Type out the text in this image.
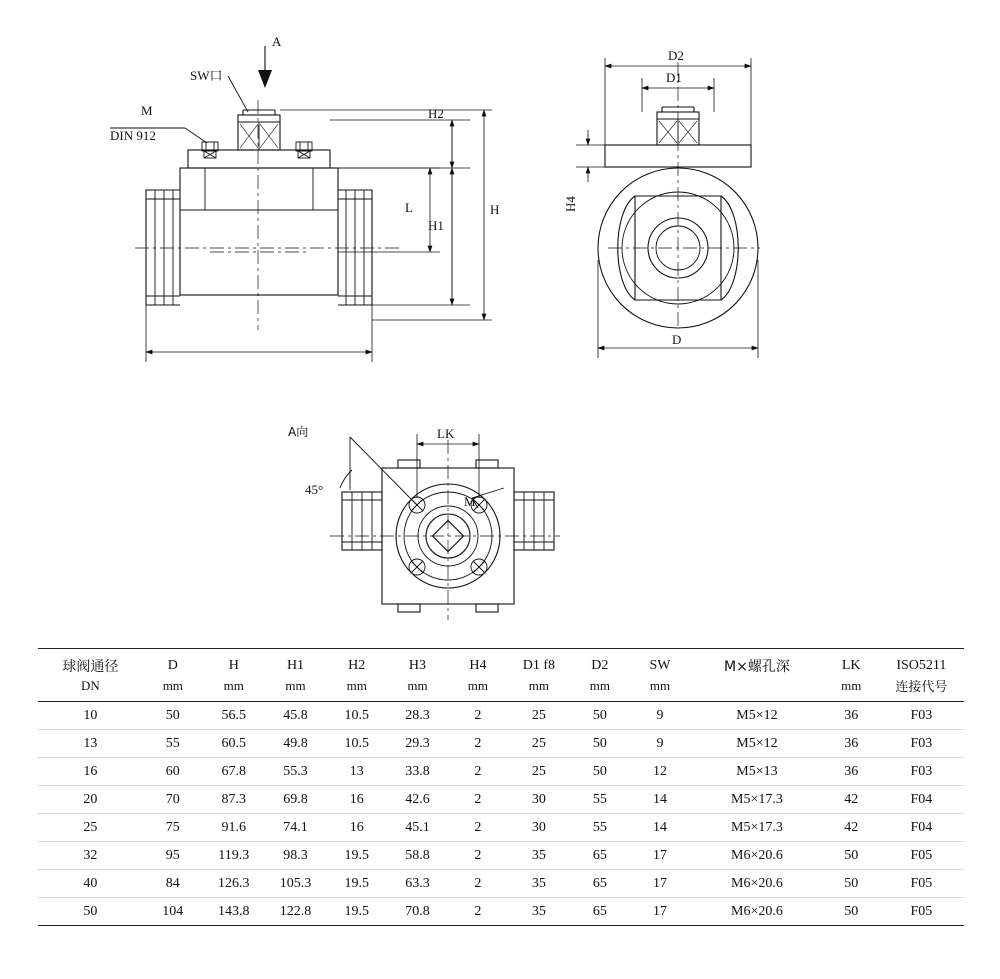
A
SW口
M
DIN 912
H2
L
H1
H
D2
D1
H4
D
LK
M
45°
A向
球阀通径	D	H	H1	H2	H3	H4	D1 f8	D2	SW	M×螺孔深	LK	ISO5211
DN	mm	mm	mm	mm	mm	mm	mm	mm	mm		mm	连接代号
10	50	56.5	45.8	10.5	28.3	2	25	50	9	M5×12	36	F03
13	55	60.5	49.8	10.5	29.3	2	25	50	9	M5×12	36	F03
16	60	67.8	55.3	13	33.8	2	25	50	12	M5×13	36	F03
20	70	87.3	69.8	16	42.6	2	30	55	14	M5×17.3	42	F04
25	75	91.6	74.1	16	45.1	2	30	55	14	M5×17.3	42	F04
32	95	119.3	98.3	19.5	58.8	2	35	65	17	M6×20.6	50	F05
40	84	126.3	105.3	19.5	63.3	2	35	65	17	M6×20.6	50	F05
50	104	143.8	122.8	19.5	70.8	2	35	65	17	M6×20.6	50	F05
